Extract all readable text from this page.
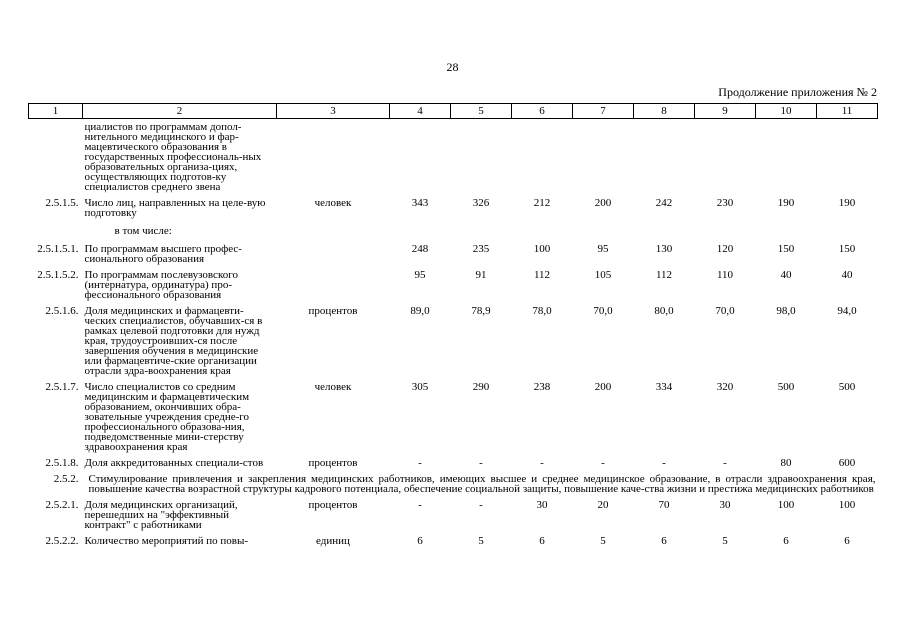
28
Продолжение приложения № 2
1	2	3	4	5	6	7	8	9	10	11
	циалистов по программам допол-нительного медицинского и фар-мацевтического образования в государственных профессиональ-ных образовательных организа-циях, осуществляющих подготов-ку специалистов среднего звена									
2.5.1.5.	Число лиц, направленных на целе-вую подготовку	человек	343	326	212	200	242	230	190	190
	в том числе:									
2.5.1.5.1.	По программам высшего профес-сионального образования		248	235	100	95	130	120	150	150
2.5.1.5.2.	По программам послевузовского (интернатура, ординатура) про-фессионального образования		95	91	112	105	112	110	40	40
2.5.1.6.	Доля медицинских и фармацевти-ческих специалистов, обучавших-ся в рамках целевой подготовки для нужд края, трудоустроивших-ся после завершения обучения в медицинские или фармацевтиче-ские организации отрасли здра-воохранения края	процентов	89,0	78,9	78,0	70,0	80,0	70,0	98,0	94,0
2.5.1.7.	Число специалистов со средним медицинским и фармацевтическим образованием, окончивших обра-зовательные учреждения средне-го профессионального образова-ния, подведомственные мини-стерству здравоохранения края	человек	305	290	238	200	334	320	500	500
2.5.1.8.	Доля аккредитованных специали-стов	процентов	-	-	-	-	-	-	80	600
2.5.2.	Стимулирование привлечения и закрепления медицинских работников, имеющих высшее и среднее медицинское образование, в отрасли здравоохранения края, повышение качества возрастной структуры кадрового потенциала, обеспечение социальной защиты, повышение каче-ства жизни и престижа медицинских работников									
2.5.2.1.	Доля медицинских организаций, перешедших на "эффективный контракт" с работниками	процентов	-	-	30	20	70	30	100	100
2.5.2.2.	Количество мероприятий по повы-	единиц	6	5	6	5	6	5	6	6
